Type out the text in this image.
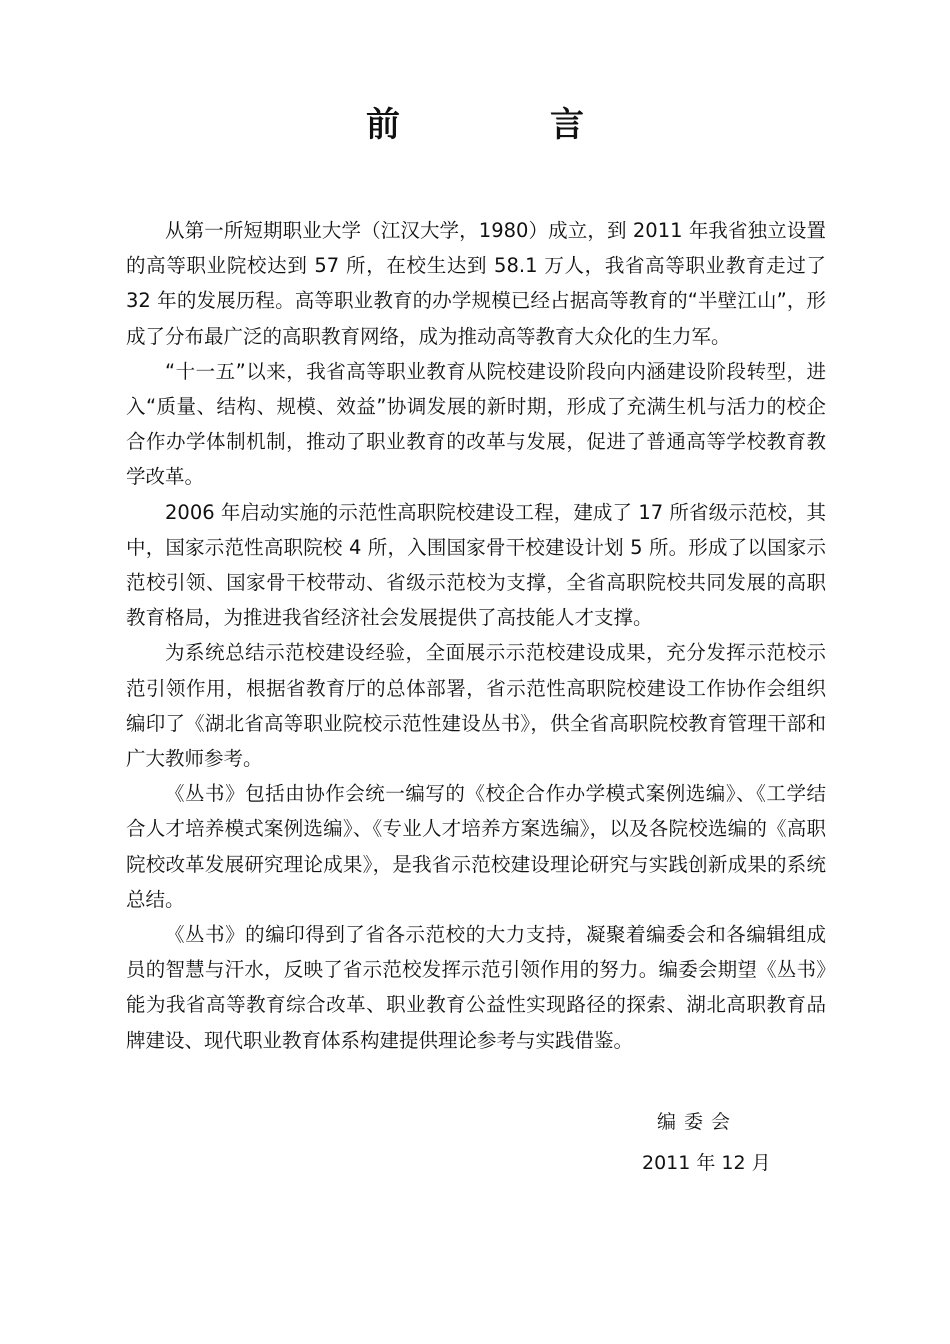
前　言

从第一所短期职业大学（江汉大学，1980）成立，到 2011 年我省独立设置的高等职业院校达到 57 所，在校生达到 58.1 万人，我省高等职业教育走过了 32 年的发展历程。高等职业教育的办学规模已经占据高等教育的“半壁江山”，形成了分布最广泛的高职教育网络，成为推动高等教育大众化的生力军。

“十一五”以来，我省高等职业教育从院校建设阶段向内涵建设阶段转型，进入“质量、结构、规模、效益”协调发展的新时期，形成了充满生机与活力的校企合作办学体制机制，推动了职业教育的改革与发展，促进了普通高等学校教育教学改革。

2006 年启动实施的示范性高职院校建设工程，建成了 17 所省级示范校，其中，国家示范性高职院校 4 所，入围国家骨干校建设计划 5 所。形成了以国家示范校引领、国家骨干校带动、省级示范校为支撑，全省高职院校共同发展的高职教育格局，为推进我省经济社会发展提供了高技能人才支撑。

为系统总结示范校建设经验，全面展示示范校建设成果，充分发挥示范校示范引领作用，根据省教育厅的总体部署，省示范性高职院校建设工作协作会组织编印了《湖北省高等职业院校示范性建设丛书》，供全省高职院校教育管理干部和广大教师参考。

《丛书》包括由协作会统一编写的《校企合作办学模式案例选编》、《工学结合人才培养模式案例选编》、《专业人才培养方案选编》，以及各院校选编的《高职院校改革发展研究理论成果》，是我省示范校建设理论研究与实践创新成果的系统总结。

《丛书》的编印得到了省各示范校的大力支持，凝聚着编委会和各编辑组成员的智慧与汗水，反映了省示范校发挥示范引领作用的努力。编委会期望《丛书》能为我省高等教育综合改革、职业教育公益性实现路径的探索、湖北高职教育品牌建设、现代职业教育体系构建提供理论参考与实践借鉴。

编委会
2011 年 12 月
